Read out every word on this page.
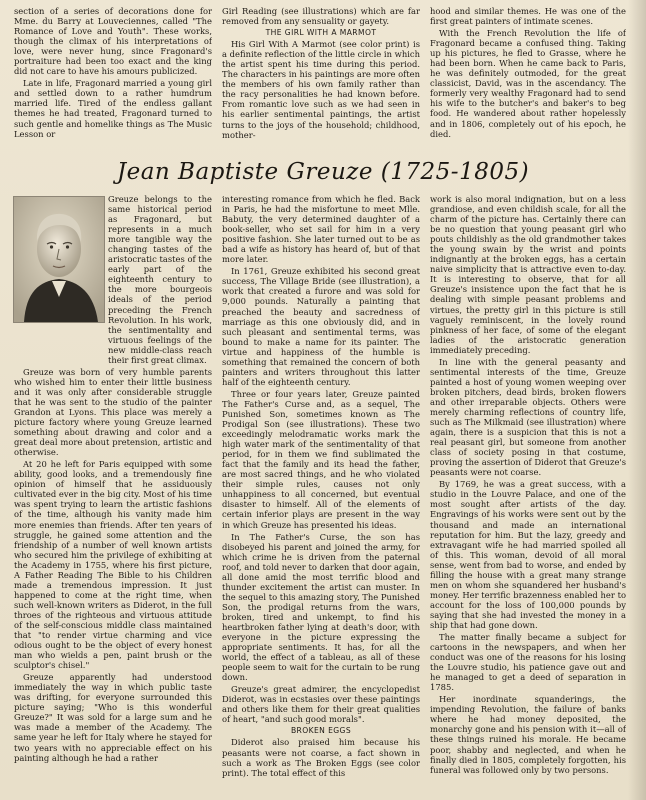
section of a series of decorations done for Mme. du Barry at Louveciennes, called "The Romance of Love and Youth". These works, though the climax of his interpretations of love, were never hung, since Fragonard's portraiture had been too exact and the king did not care to have his amours publicized.

Late in life, Fragonard married a young girl and settled down to a rather humdrum married life. Tired of the endless gallant themes he had treated, Fragonard turned to such gentle and homelike things as The Music Lesson or

Girl Reading (see illustrations) which are far removed from any sensuality or gayety.

THE GIRL WITH A MARMOT

His Girl With A Marmot (see color print) is a definite reflection of the little circle in which the artist spent his time during this period. The characters in his paintings are more often the members of his own family rather than the racy personalities he had known before. From romantic love such as we had seen in his earlier sentimental paintings, the artist turns to the joys of the household; childhood, mother-

hood and similar themes. He was one of the first great painters of intimate scenes.

With the French Revolution the life of Fragonard became a confused thing. Taking up his pictures, he fled to Grasse, where he had been born. When he came back to Paris, he was definitely outmoded, for the great classicist, David, was in the ascendancy. The formerly very wealthy Fragonard had to send his wife to the butcher's and baker's to beg food. He wandered about rather hopelessly and in 1806, completely out of his epoch, he died.

Jean Baptiste Greuze (1725-1805)

Greuze belongs to the same historical period as Fragonard, but represents in a much more tangible way the changing tastes of the aristocratic tastes of the early part of the eighteenth century to the more bourgeois ideals of the period preceding the French Revolution. In his work, the sentimentality and virtuous feelings of the new middle-class reach their first great climax.

Greuze was born of very humble parents who wished him to enter their little business and it was only after considerable struggle that he was sent to the studio of the painter Grandon at Lyons. This place was merely a picture factory where young Greuze learned something about drawing and color and a great deal more about pretension, artistic and otherwise.

At 20 he left for Paris equipped with some ability, good looks, and a tremendously fine opinion of himself that he assiduously cultivated ever in the big city. Most of his time was spent trying to learn the artistic fashions of the time, although his vanity made him more enemies than friends. After ten years of struggle, he gained some attention and the friendship of a number of well known artists who secured him the privilege of exhibiting at the Academy in 1755, where his first picture, A Father Reading The Bible to his Children made a tremendous impression. It just happened to come at the right time, when such well-known writers as Diderot, in the full throes of the righteous and virtuous attitude of the self-conscious middle class maintained that "to render virtue charming and vice odious ought to be the object of every honest man who wields a pen, paint brush or the sculptor's chisel."

Greuze apparently had understood immediately the way in which public taste was drifting, for everyone surrounded this picture saying; "Who is this wonderful Greuze?" It was sold for a large sum and he was made a member of the Academy. The same year he left for Italy where he stayed for two years with no appreciable effect on his painting although he had a rather

interesting romance from which he fled. Back in Paris, he had the misfortune to meet Mlle. Babuty, the very determined daughter of a book-seller, who set sail for him in a very positive fashion. She later turned out to be as bad a wife as history has heard of, but of that more later.

In 1761, Greuze exhibited his second great success, The Village Bride (see illustration), a work that created a furore and was sold for 9,000 pounds. Naturally a painting that preached the beauty and sacredness of marriage as this one obviously did, and in such pleasant and sentimental terms, was bound to make a name for its painter. The virtue and happiness of the humble is something that remained the concern of both painters and writers throughout this latter half of the eighteenth century.

Three or four years later, Greuze painted The Father's Curse and, as a sequel, The Punished Son, sometimes known as The Prodigal Son (see illustrations). These two exceedingly melodramatic works mark the high water mark of the sentimentality of that period, for in them we find sublimated the fact that the family and its head the father, are most sacred things, and he who violated their simple rules, causes not only unhappiness to all concerned, but eventual disaster to himself. All of the elements of certain inferior plays are present in the way in which Greuze has presented his ideas.

In The Father's Curse, the son has disobeyed his parent and joined the army, for which crime he is driven from the paternal roof, and told never to darken that door again, all done amid the most terrific blood and thunder excitement the artist can muster. In the sequel to this amazing story, The Punished Son, the prodigal returns from the wars, broken, tired and unkempt, to find his heartbroken father lying at death's door, with everyone in the picture expressing the appropriate sentiments. It has, for all the world, the effect of a tableau, as all of these people seem to wait for the curtain to be rung down.

Greuze's great admirer, the encyclopedist Diderot, was in ecstasies over these paintings and others like them for their great qualities of heart, "and such good morals".

BROKEN EGGS

Diderot also praised him because his peasants were not coarse, a fact shown in such a work as The Broken Eggs (see color print). The total effect of this

work is also moral indignation, but on a less grandiose, and even childish scale, for all the charm of the picture has. Certainly there can be no question that young peasant girl who pouts childishly as the old grandmother takes the young swain by the wrist and points indignantly at the broken eggs, has a certain naive simplicity that is attractive even to-day. It is interesting to observe, that for all Greuze's insistence upon the fact that he is dealing with simple peasant problems and virtues, the pretty girl in this picture is still vaguely reminiscent, in the lovely round pinkness of her face, of some of the elegant ladies of the aristocratic generation immediately preceding.

In line with the general peasanty and sentimental interests of the time, Greuze painted a host of young women weeping over broken pitchers, dead birds, broken flowers and other irreparable objects. Others were merely charming reflections of country life, such as The Milkmaid (see illustration) where again, there is a suspicion that this is not a real peasant girl, but someone from another class of society posing in that costume, proving the assertion of Diderot that Greuze's peasants were not coarse.

By 1769, he was a great success, with a studio in the Louvre Palace, and one of the most sought after artists of the day. Engravings of his works were sent out by the thousand and made an international reputation for him. But the lazy, greedy and extravagant wife he had married spoiled all of this. This woman, devoid of all moral sense, went from bad to worse, and ended by filling the house with a great many strange men on whom she squandered her husband's money. Her terrific brazenness enabled her to account for the loss of 100,000 pounds by saying that she had invested the money in a ship that had gone down.

The matter finally became a subject for cartoons in the newspapers, and when her conduct was one of the reasons for his losing the Louvre studio, his patience gave out and he managed to get a deed of separation in 1785.

Her inordinate squanderings, the impending Revolution, the failure of banks where he had money deposited, the monarchy gone and his pension with it—all of these things ruined his morale. He became poor, shabby and neglected, and when he finally died in 1805, completely forgotten, his funeral was followed only by two persons.
